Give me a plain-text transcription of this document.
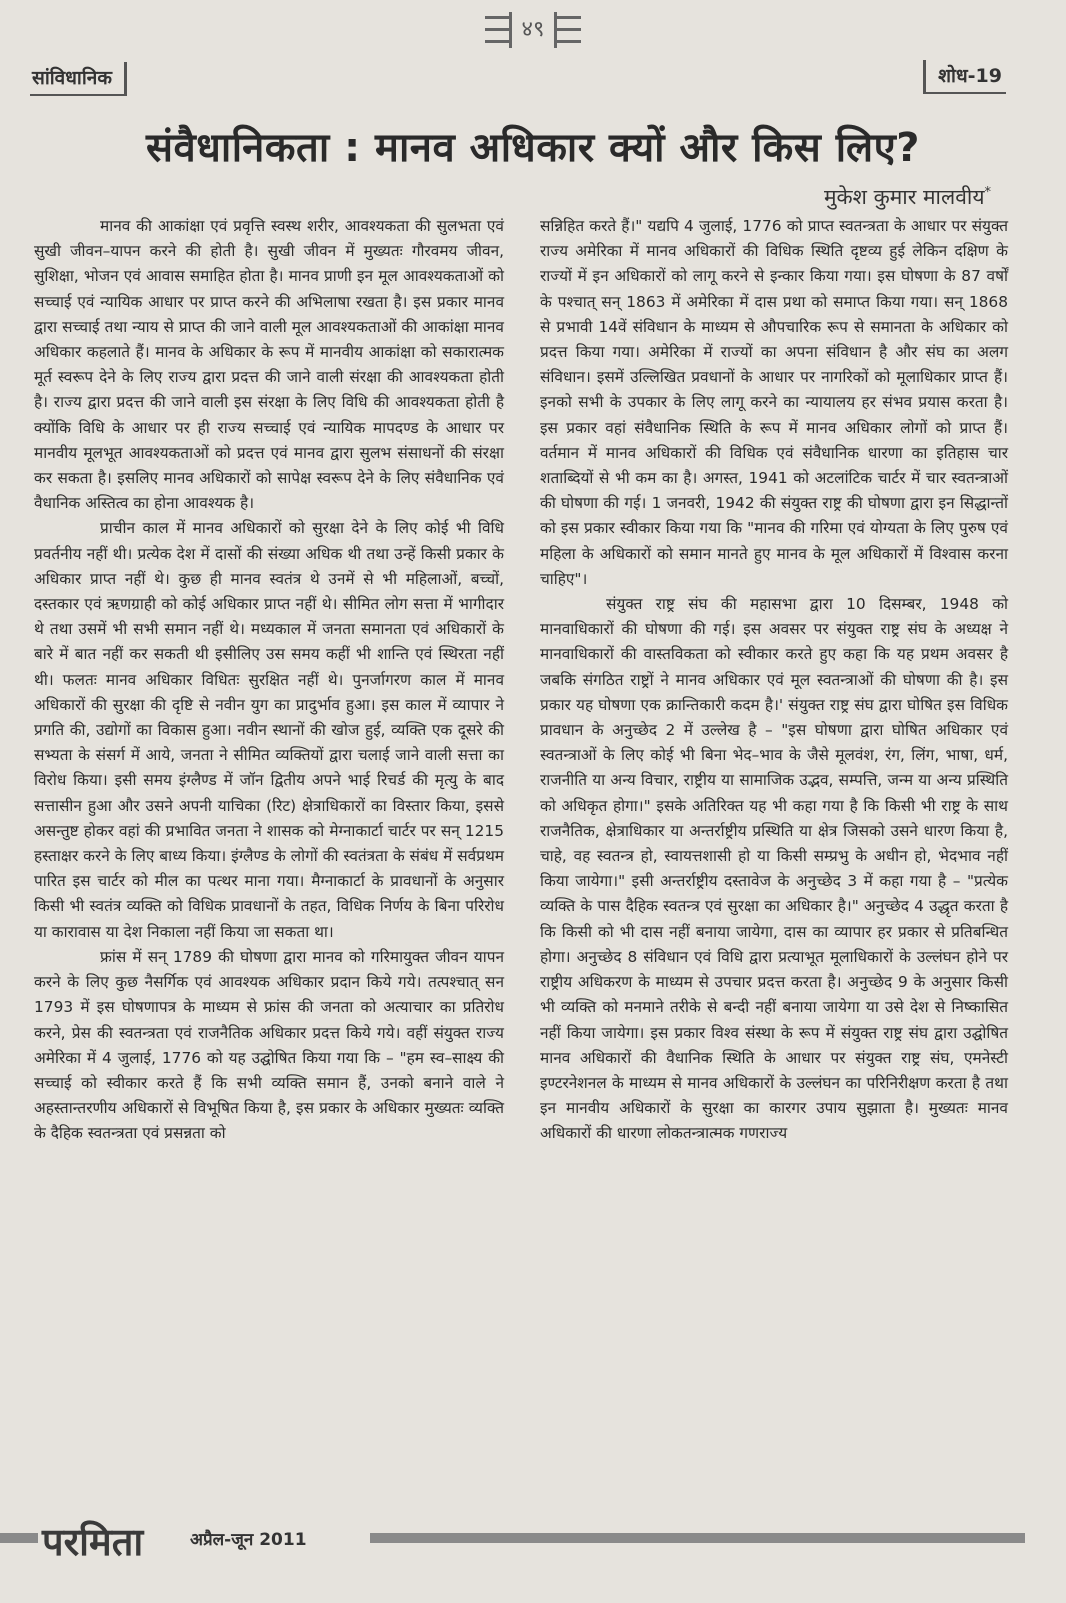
४९
सांविधानिक	शोध-19
संवैधानिकता : मानव अधिकार क्यों और किस लिए?
मुकेश कुमार मालवीय*

मानव की आकांक्षा एवं प्रवृत्ति स्वस्थ शरीर, आवश्यकता की सुलभता एवं सुखी जीवन–यापन करने की होती है। सुखी जीवन में मुख्यतः गौरवमय जीवन, सुशिक्षा, भोजन एवं आवास समाहित होता है। मानव प्राणी इन मूल आवश्यकताओं को सच्चाई एवं न्यायिक आधार पर प्राप्त करने की अभिलाषा रखता है। इस प्रकार मानव द्वारा सच्चाई तथा न्याय से प्राप्त की जाने वाली मूल आवश्यकताओं की आकांक्षा मानव अधिकार कहलाते हैं। मानव के अधिकार के रूप में मानवीय आकांक्षा को सकारात्मक मूर्त स्वरूप देने के लिए राज्य द्वारा प्रदत्त की जाने वाली संरक्षा की आवश्यकता होती है। राज्य द्वारा प्रदत्त की जाने वाली इस संरक्षा के लिए विधि की आवश्यकता होती है क्योंकि विधि के आधार पर ही राज्य सच्चाई एवं न्यायिक मापदण्ड के आधार पर मानवीय मूलभूत आवश्यकताओं को प्रदत्त एवं मानव द्वारा सुलभ संसाधनों की संरक्षा कर सकता है। इसलिए मानव अधिकारों को सापेक्ष स्वरूप देने के लिए संवैधानिक एवं वैधानिक अस्तित्व का होना आवश्यक है।

प्राचीन काल में मानव अधिकारों को सुरक्षा देने के लिए कोई भी विधि प्रवर्तनीय नहीं थी। प्रत्येक देश में दासों की संख्या अधिक थी तथा उन्हें किसी प्रकार के अधिकार प्राप्त नहीं थे। कुछ ही मानव स्वतंत्र थे उनमें से भी महिलाओं, बच्चों, दस्तकार एवं ऋणग्राही को कोई अधिकार प्राप्त नहीं थे। सीमित लोग सत्ता में भागीदार थे तथा उसमें भी सभी समान नहीं थे। मध्यकाल में जनता समानता एवं अधिकारों के बारे में बात नहीं कर सकती थी इसीलिए उस समय कहीं भी शान्ति एवं स्थिरता नहीं थी। फलतः मानव अधिकार विधितः सुरक्षित नहीं थे। पुनर्जागरण काल में मानव अधिकारों की सुरक्षा की दृष्टि से नवीन युग का प्रादुर्भाव हुआ। इस काल में व्यापार ने प्रगति की, उद्योगों का विकास हुआ। नवीन स्थानों की खोज हुई, व्यक्ति एक दूसरे की सभ्यता के संसर्ग में आये, जनता ने सीमित व्यक्तियों द्वारा चलाई जाने वाली सत्ता का विरोध किया। इसी समय इंग्लैण्ड में जॉन द्वितीय अपने भाई रिचर्ड की मृत्यु के बाद सत्तासीन हुआ और उसने अपनी याचिका (रिट) क्षेत्राधिकारों का विस्तार किया, इससे असन्तुष्ट होकर वहां की प्रभावित जनता ने शासक को मेग्नाकार्टा चार्टर पर सन् 1215 हस्ताक्षर करने के लिए बाध्य किया। इंग्लैण्ड के लोगों की स्वतंत्रता के संबंध में सर्वप्रथम पारित इस चार्टर को मील का पत्थर माना गया। मैग्नाकार्टा के प्रावधानों के अनुसार किसी भी स्वतंत्र व्यक्ति को विधिक प्रावधानों के तहत, विधिक निर्णय के बिना परिरोध या कारावास या देश निकाला नहीं किया जा सकता था।

फ्रांस में सन् 1789 की घोषणा द्वारा मानव को गरिमायुक्त जीवन यापन करने के लिए कुछ नैसर्गिक एवं आवश्यक अधिकार प्रदान किये गये। तत्पश्चात् सन 1793 में इस घोषणापत्र के माध्यम से फ्रांस की जनता को अत्याचार का प्रतिरोध करने, प्रेस की स्वतन्त्रता एवं राजनैतिक अधिकार प्रदत्त किये गये। वहीं संयुक्त राज्य अमेरिका में 4 जुलाई, 1776 को यह उद्घोषित किया गया कि – "हम स्व–साक्ष्य की सच्चाई को स्वीकार करते हैं कि सभी व्यक्ति समान हैं, उनको बनाने वाले ने अहस्तान्तरणीय अधिकारों से विभूषित किया है, इस प्रकार के अधिकार मुख्यतः व्यक्ति के दैहिक स्वतन्त्रता एवं प्रसन्नता को

सन्निहित करते हैं।" यद्यपि 4 जुलाई, 1776 को प्राप्त स्वतन्त्रता के आधार पर संयुक्त राज्य अमेरिका में मानव अधिकारों की विधिक स्थिति दृष्टव्य हुई लेकिन दक्षिण के राज्यों में इन अधिकारों को लागू करने से इन्कार किया गया। इस घोषणा के 87 वर्षों के पश्चात् सन् 1863 में अमेरिका में दास प्रथा को समाप्त किया गया। सन् 1868 से प्रभावी 14वें संविधान के माध्यम से औपचारिक रूप से समानता के अधिकार को प्रदत्त किया गया। अमेरिका में राज्यों का अपना संविधान है और संघ का अलग संविधान। इसमें उल्लिखित प्रवधानों के आधार पर नागरिकों को मूलाधिकार प्राप्त हैं। इनको सभी के उपकार के लिए लागू करने का न्यायालय हर संभव प्रयास करता है। इस प्रकार वहां संवैधानिक स्थिति के रूप में मानव अधिकार लोगों को प्राप्त हैं। वर्तमान में मानव अधिकारों की विधिक एवं संवैधानिक धारणा का इतिहास चार शताब्दियों से भी कम का है। अगस्त, 1941 को अटलांटिक चार्टर में चार स्वतन्त्राओं की घोषणा की गई। 1 जनवरी, 1942 की संयुक्त राष्ट्र की घोषणा द्वारा इन सिद्धान्तों को इस प्रकार स्वीकार किया गया कि "मानव की गरिमा एवं योग्यता के लिए पुरुष एवं महिला के अधिकारों को समान मानते हुए मानव के मूल अधिकारों में विश्वास करना चाहिए"।

संयुक्त राष्ट्र संघ की महासभा द्वारा 10 दिसम्बर, 1948 को मानवाधिकारों की घोषणा की गई। इस अवसर पर संयुक्त राष्ट्र संघ के अध्यक्ष ने मानवाधिकारों की वास्तविकता को स्वीकार करते हुए कहा कि यह प्रथम अवसर है जबकि संगठित राष्ट्रों ने मानव अधिकार एवं मूल स्वतन्त्राओं की घोषणा की है। इस प्रकार यह घोषणा एक क्रान्तिकारी कदम है।' संयुक्त राष्ट्र संघ द्वारा घोषित इस विधिक प्रावधान के अनुच्छेद 2 में उल्लेख है – "इस घोषणा द्वारा घोषित अधिकार एवं स्वतन्त्राओं के लिए कोई भी बिना भेद–भाव के जैसे मूलवंश, रंग, लिंग, भाषा, धर्म, राजनीति या अन्य विचार, राष्ट्रीय या सामाजिक उद्भव, सम्पत्ति, जन्म या अन्य प्रस्थिति को अधिकृत होगा।" इसके अतिरिक्त यह भी कहा गया है कि किसी भी राष्ट्र के साथ राजनैतिक, क्षेत्राधिकार या अन्तर्राष्ट्रीय प्रस्थिति या क्षेत्र जिसको उसने धारण किया है, चाहे, वह स्वतन्त्र हो, स्वायत्तशासी हो या किसी सम्प्रभु के अधीन हो, भेदभाव नहीं किया जायेगा।" इसी अन्तर्राष्ट्रीय दस्तावेज के अनुच्छेद 3 में कहा गया है – "प्रत्येक व्यक्ति के पास दैहिक स्वतन्त्र एवं सुरक्षा का अधिकार है।" अनुच्छेद 4 उद्धृत करता है कि किसी को भी दास नहीं बनाया जायेगा, दास का व्यापार हर प्रकार से प्रतिबन्धित होगा। अनुच्छेद 8 संविधान एवं विधि द्वारा प्रत्याभूत मूलाधिकारों के उल्लंघन होने पर राष्ट्रीय अधिकरण के माध्यम से उपचार प्रदत्त करता है। अनुच्छेद 9 के अनुसार किसी भी व्यक्ति को मनमाने तरीके से बन्दी नहीं बनाया जायेगा या उसे देश से निष्कासित नहीं किया जायेगा। इस प्रकार विश्व संस्था के रूप में संयुक्त राष्ट्र संघ द्वारा उद्घोषित मानव अधिकारों की वैधानिक स्थिति के आधार पर संयुक्त राष्ट्र संघ, एमनेस्टी इण्टरनेशनल के माध्यम से मानव अधिकारों के उल्लंघन का परिनिरीक्षण करता है तथा इन मानवीय अधिकारों के सुरक्षा का कारगर उपाय सुझाता है। मुख्यतः मानव अधिकारों की धारणा लोकतन्त्रात्मक गणराज्य

परमिता	अप्रैल-जून 2011
